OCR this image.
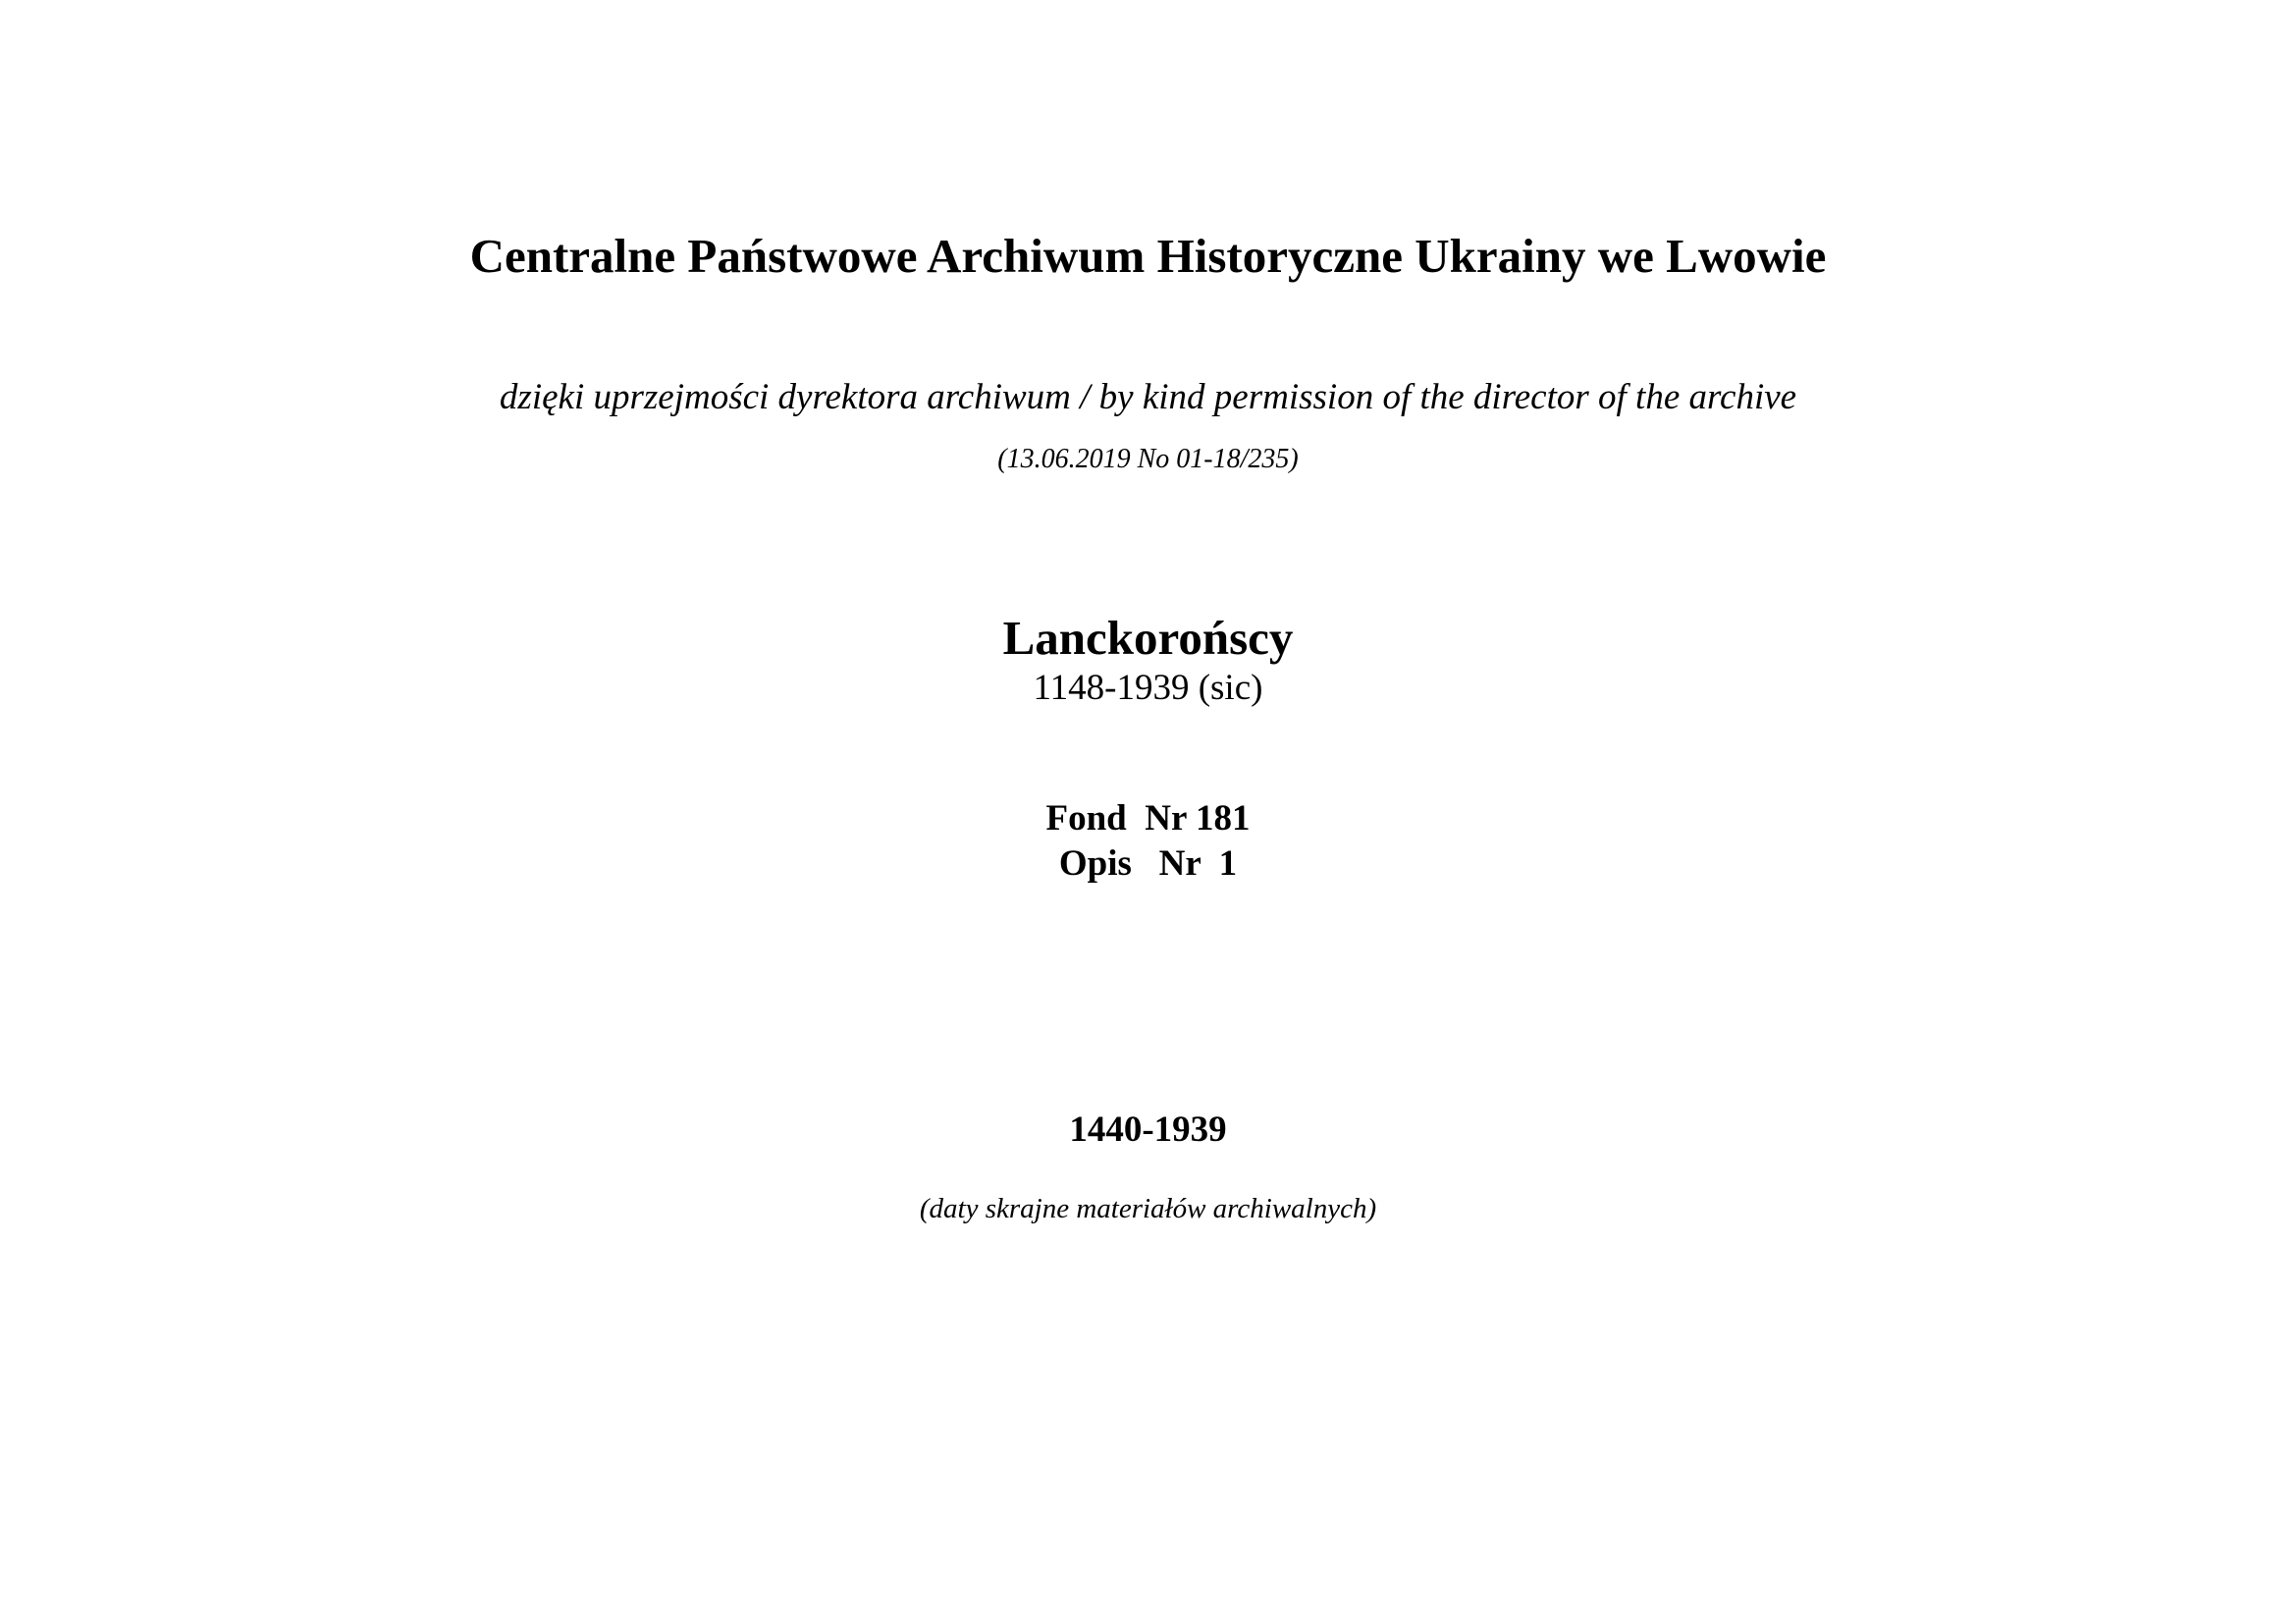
Centralne Państwowe Archiwum Historyczne Ukrainy we Lwowie
dzięki uprzejmości dyrektora archiwum / by kind permission of the director of the archive
(13.06.2019 No 01-18/235)
Lanckorońscy
1148-1939 (sic)
Fond  Nr 181
Opis   Nr  1
1440-1939
(daty skrajne materiałów archiwalnych)
